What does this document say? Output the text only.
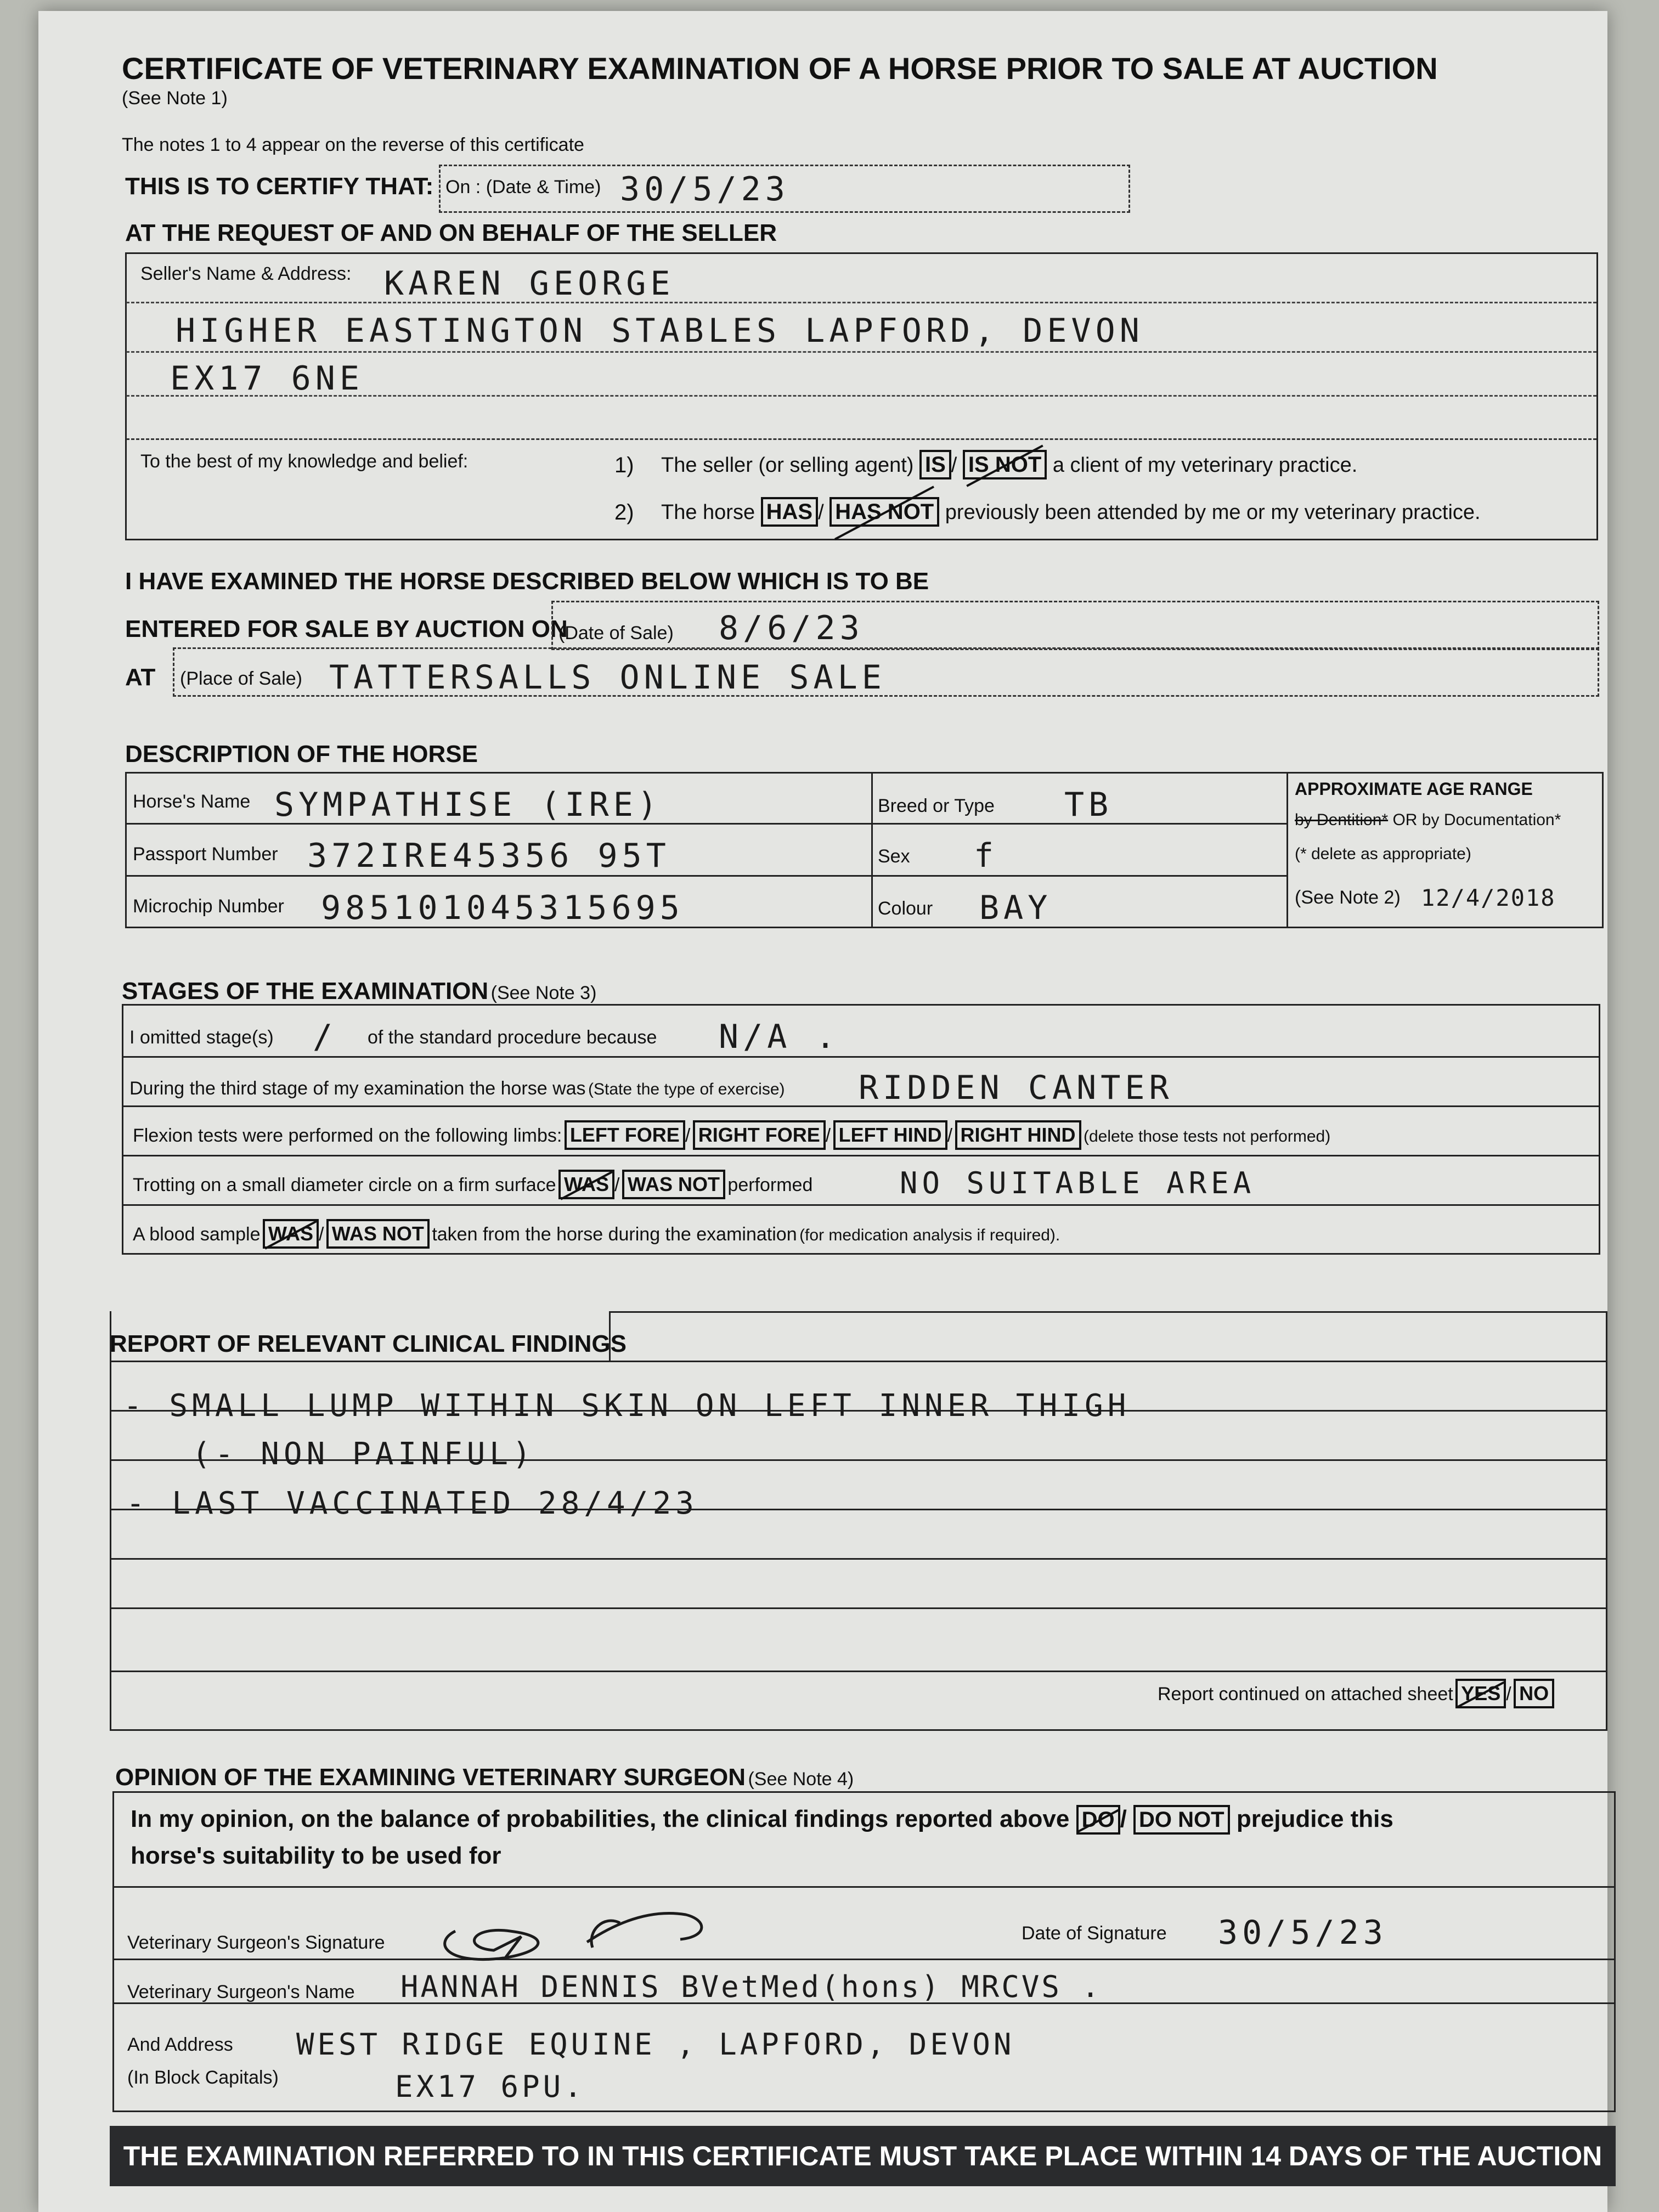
CERTIFICATE OF VETERINARY EXAMINATION OF A HORSE PRIOR TO SALE AT AUCTION
(See Note 1)
The notes 1 to 4 appear on the reverse of this certificate
THIS IS TO CERTIFY THAT: On : (Date & Time) 30/5/23
AT THE REQUEST OF AND ON BEHALF OF THE SELLER
Seller's Name & Address: KAREN GEORGE
HIGHER EASTINGTON STABLES LAPFORD, DEVON
EX17 6NE
To the best of my knowledge and belief:	1) The seller (or selling agent) IS / IS NOT a client of my veterinary practice.
2) The horse HAS / HAS NOT previously been attended by me or my veterinary practice.
I HAVE EXAMINED THE HORSE DESCRIBED BELOW WHICH IS TO BE
ENTERED FOR SALE BY AUCTION ON
(Date of Sale) 8/6/23
AT (Place of Sale) TATTERSALLS ONLINE SALE
DESCRIPTION OF THE HORSE
Horse's Name SYMPATHISE (IRE)
Passport Number 372IRE45356 95T
Microchip Number 985101045315695
Breed or Type TB
Sex f
Colour BAY
APPROXIMATE AGE RANGE
by Dentition* OR by Documentation*
(* delete as appropriate)
(See Note 2) 12/4/2018
STAGES OF THE EXAMINATION (See Note 3)
I omitted stage(s) / of the standard procedure because N/A .
During the third stage of my examination the horse was (State the type of exercise) RIDDEN CANTER
Flexion tests were performed on the following limbs: LEFT FORE / RIGHT FORE / LEFT HIND / RIGHT HIND (delete those tests not performed)
Trotting on a small diameter circle on a firm surface WAS / WAS NOT performed	NO SUITABLE AREA
A blood sample WAS / WAS NOT taken from the horse during the examination (for medication analysis if required).
REPORT OF RELEVANT CLINICAL FINDINGS
- SMALL LUMP WITHIN SKIN ON LEFT INNER THIGH
(- NON PAINFUL)
- LAST VACCINATED 28/4/23
Report continued on attached sheet YES / NO
OPINION OF THE EXAMINING VETERINARY SURGEON (See Note 4)
In my opinion, on the balance of probabilities, the clinical findings reported above DO / DO NOT prejudice this
horse's suitability to be used for
Veterinary Surgeon's Signature	Date of Signature 30/5/23
Veterinary Surgeon's Name HANNAH DENNIS BVetMed(hons) MRCVS .
And Address
(In Block Capitals)
WEST RIDGE EQUINE , LAPFORD, DEVON
EX17 6PU.
THE EXAMINATION REFERRED TO IN THIS CERTIFICATE MUST TAKE PLACE WITHIN 14 DAYS OF THE AUCTION
